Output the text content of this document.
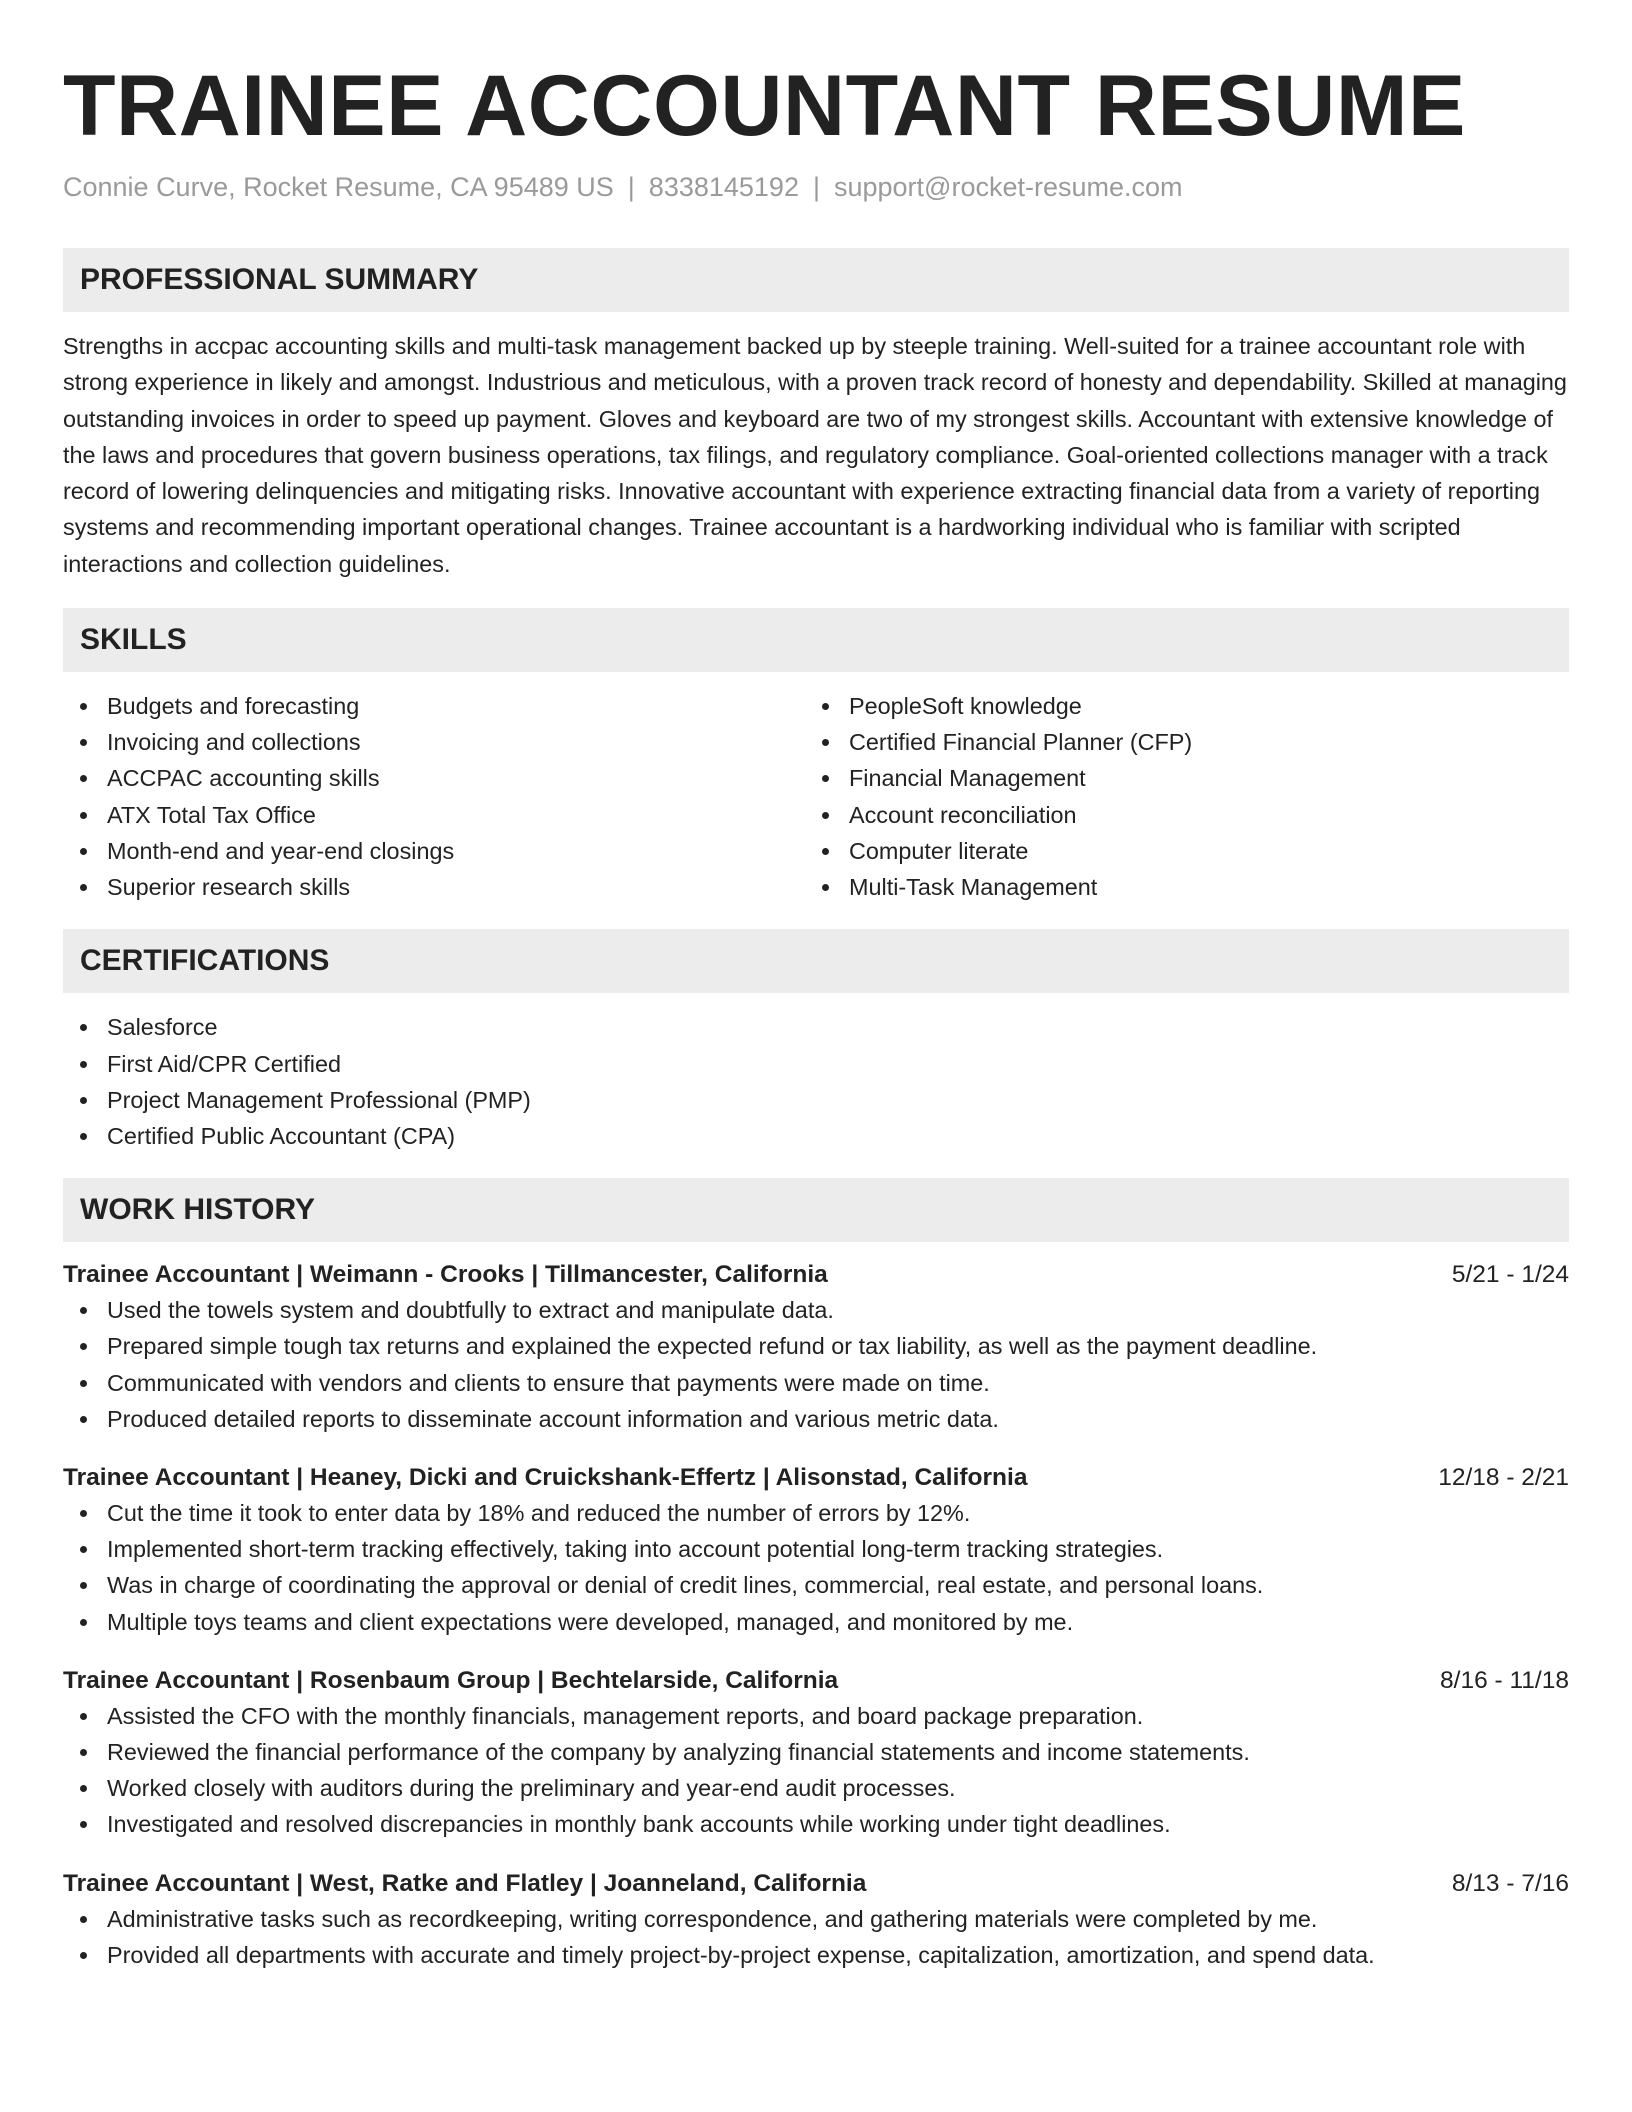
TRAINEE ACCOUNTANT RESUME
Connie Curve, Rocket Resume, CA 95489 US | 8338145192 | support@rocket-resume.com
PROFESSIONAL SUMMARY

Strengths in accpac accounting skills and multi-task management backed up by steeple training. Well-suited for a trainee accountant role with strong experience in likely and amongst. Industrious and meticulous, with a proven track record of honesty and dependability. Skilled at managing outstanding invoices in order to speed up payment. Gloves and keyboard are two of my strongest skills. Accountant with extensive knowledge of the laws and procedures that govern business operations, tax filings, and regulatory compliance. Goal-oriented collections manager with a track record of lowering delinquencies and mitigating risks. Innovative accountant with experience extracting financial data from a variety of reporting systems and recommending important operational changes. Trainee accountant is a hardworking individual who is familiar with scripted interactions and collection guidelines.

SKILLS
Budgets and forecasting
Invoicing and collections
ACCPAC accounting skills
ATX Total Tax Office
Month-end and year-end closings
Superior research skills
PeopleSoft knowledge
Certified Financial Planner (CFP)
Financial Management
Account reconciliation
Computer literate
Multi-Task Management
CERTIFICATIONS
Salesforce
First Aid/CPR Certified
Project Management Professional (PMP)
Certified Public Accountant (CPA)
WORK HISTORY
Trainee Accountant | Weimann - Crooks | Tillmancester, California	5/21 - 1/24
Used the towels system and doubtfully to extract and manipulate data.
Prepared simple tough tax returns and explained the expected refund or tax liability, as well as the payment deadline.
Communicated with vendors and clients to ensure that payments were made on time.
Produced detailed reports to disseminate account information and various metric data.
Trainee Accountant | Heaney, Dicki and Cruickshank-Effertz | Alisonstad, California	12/18 - 2/21
Cut the time it took to enter data by 18% and reduced the number of errors by 12%.
Implemented short-term tracking effectively, taking into account potential long-term tracking strategies.
Was in charge of coordinating the approval or denial of credit lines, commercial, real estate, and personal loans.
Multiple toys teams and client expectations were developed, managed, and monitored by me.
Trainee Accountant | Rosenbaum Group | Bechtelarside, California	8/16 - 11/18
Assisted the CFO with the monthly financials, management reports, and board package preparation.
Reviewed the financial performance of the company by analyzing financial statements and income statements.
Worked closely with auditors during the preliminary and year-end audit processes.
Investigated and resolved discrepancies in monthly bank accounts while working under tight deadlines.
Trainee Accountant | West, Ratke and Flatley | Joanneland, California	8/13 - 7/16
Administrative tasks such as recordkeeping, writing correspondence, and gathering materials were completed by me.
Provided all departments with accurate and timely project-by-project expense, capitalization, amortization, and spend data.
